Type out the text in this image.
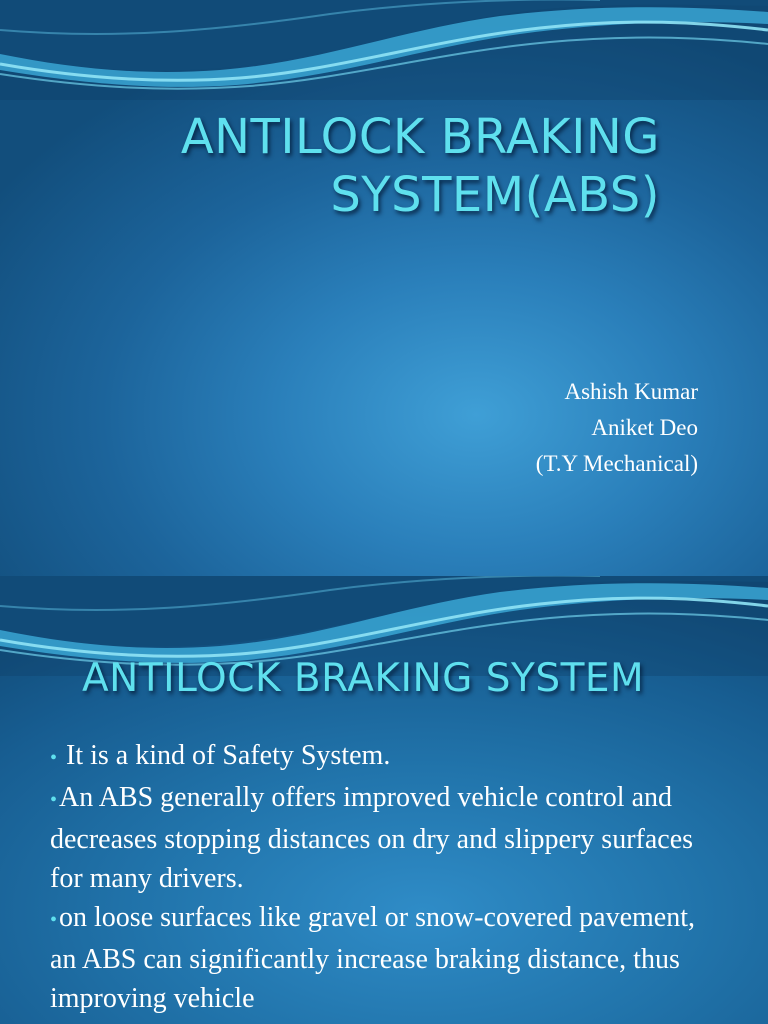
ANTILOCK BRAKING
SYSTEM(ABS)
Ashish Kumar
Aniket Deo
(T.Y Mechanical)
ANTILOCK BRAKING SYSTEM

• It is a kind of Safety System.

•An ABS generally offers improved vehicle control and decreases stopping distances on dry and slippery surfaces for many drivers.

•on loose surfaces like gravel or snow-covered pavement, an ABS can significantly increase braking distance, thus improving vehicle
